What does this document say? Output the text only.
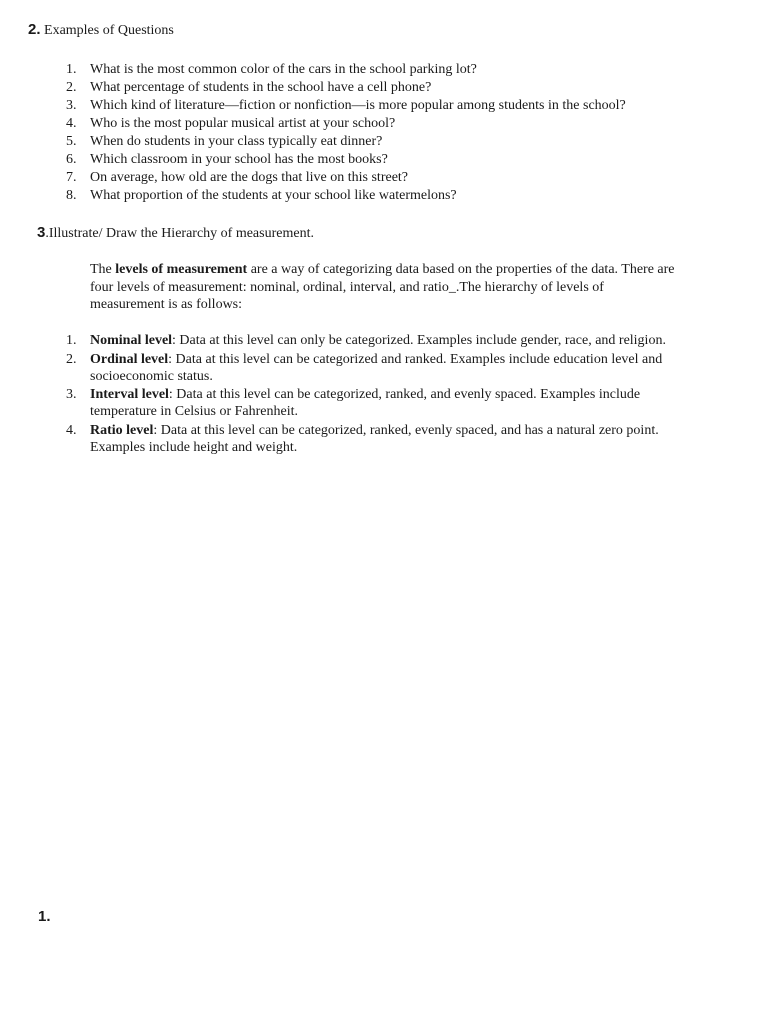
2. Examples of Questions
1. What is the most common color of the cars in the school parking lot?
2. What percentage of students in the school have a cell phone?
3. Which kind of literature—fiction or nonfiction—is more popular among students in the school?
4. Who is the most popular musical artist at your school?
5. When do students in your class typically eat dinner?
6. Which classroom in your school has the most books?
7. On average, how old are the dogs that live on this street?
8. What proportion of the students at your school like watermelons?
3.Illustrate/ Draw the Hierarchy of measurement.

The levels of measurement are a way of categorizing data based on the properties of the data. There are four levels of measurement: nominal, ordinal, interval, and ratio_.The hierarchy of levels of measurement is as follows:

1. Nominal level: Data at this level can only be categorized. Examples include gender, race, and religion.
2. Ordinal level: Data at this level can be categorized and ranked. Examples include education level and socioeconomic status.
3. Interval level: Data at this level can be categorized, ranked, and evenly spaced. Examples include temperature in Celsius or Fahrenheit.
4. Ratio level: Data at this level can be categorized, ranked, evenly spaced, and has a natural zero point. Examples include height and weight.
1.
